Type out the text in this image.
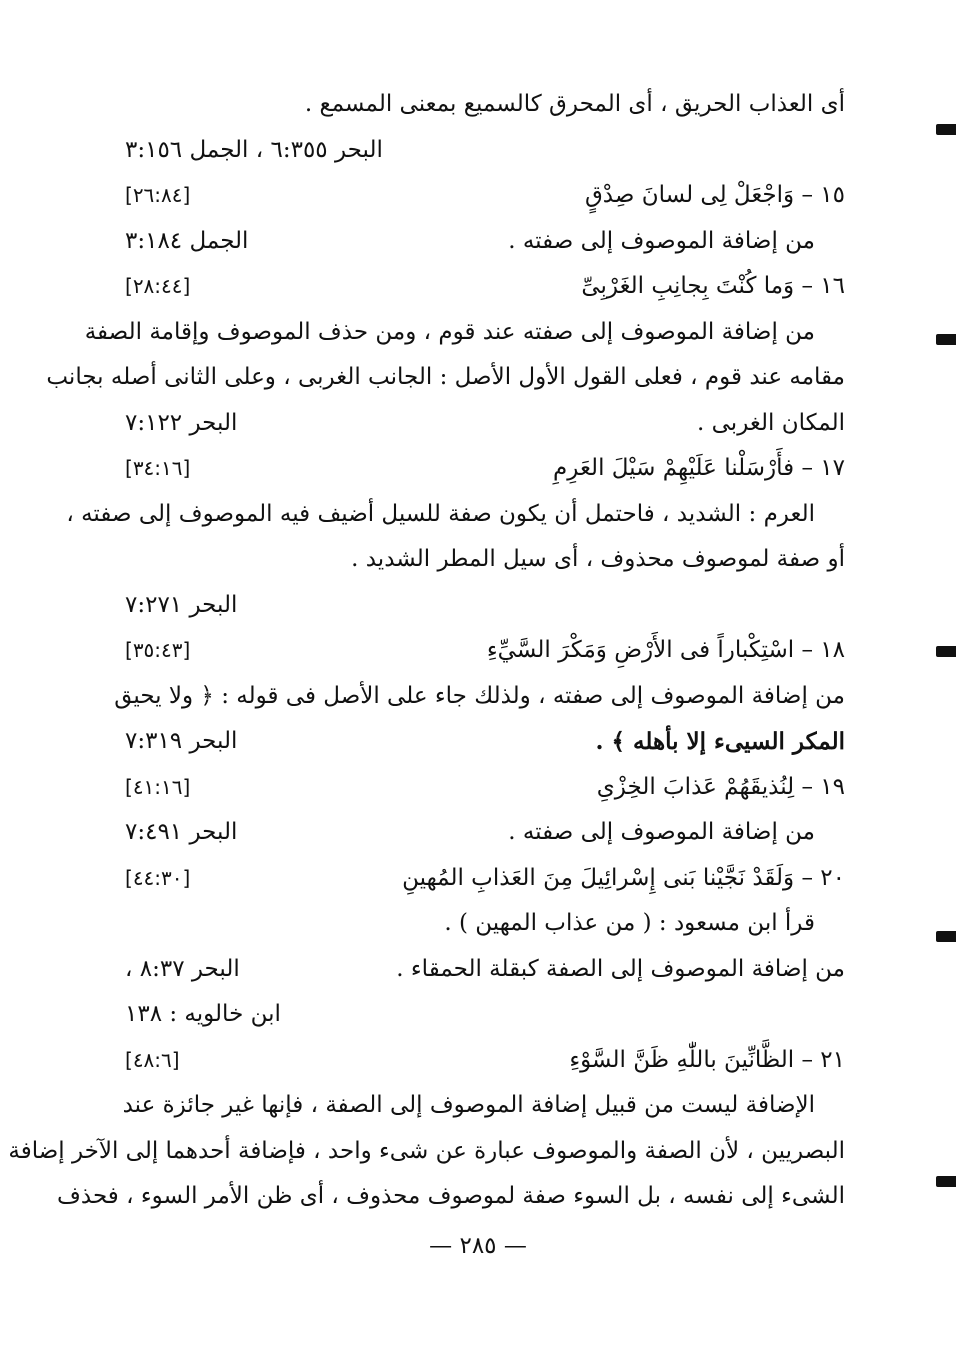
أى العذاب الحريق ، أى المحرق كالسميع بمعنى المسمع .
البحر ٦:٣٥٥ ، الجمل ٣:١٥٦
١٥ – وَاجْعَلْ لِى لسانَ صِدْقٍ
[٢٦:٨٤]
من إضافة الموصوف إلى صفته .
الجمل ٣:١٨٤
١٦ – وَما كُنْتَ بِجانِبِ الغَرْبِىِّ
[٢٨:٤٤]
من إضافة الموصوف إلى صفته عند قوم ، ومن حذف الموصوف وإقامة الصفة
مقامه عند قوم ، فعلى القول الأول الأصل : الجانب الغربى ، وعلى الثانى أصله بجانب
المكان الغربى .
البحر ٧:١٢٢
١٧ – فأَرْسَلْنا عَلَيْهِمْ سَيْلَ العَرِمِ
[٣٤:١٦]
العرم : الشديد ، فاحتمل أن يكون صفة للسيل أضيف فيه الموصوف إلى صفته ،
أو صفة لموصوف محذوف ، أى سيل المطر الشديد .
البحر ٧:٢٧١
١٨ – اسْتِكْباراً فى الأَرْضِ وَمَكْرَ السَّيِّءِ
[٣٥:٤٣]
من إضافة الموصوف إلى صفته ، ولذلك جاء على الأصل فى قوله : ﴿ ولا يحيق
المكر السيىء إلا بأهله ﴾ .
البحر ٧:٣١٩
١٩ – لِنُذيقَهُمْ عَذابَ الخِزْىِ
[٤١:١٦]
من إضافة الموصوف إلى صفته .
البحر ٧:٤٩١
٢٠ – وَلَقَدْ نَجَّيْنا بَنى إِسْرائِيلَ مِنَ العَذابِ المُهينِ
[٤٤:٣٠]
قرأ ابن مسعود : ( من عذاب المهين ) .
من إضافة الموصوف إلى الصفة كبقلة الحمقاء .
البحر ٨:٣٧ ،
ابن خالويه : ١٣٨
٢١ – الظَّانِّينَ باللّٰهِ ظَنَّ السَّوْءِ
[٤٨:٦]
الإضافة ليست من قبيل إضافة الموصوف إلى الصفة ، فإنها غير جائزة عند
البصريين ، لأن الصفة والموصوف عبارة عن شىء واحد ، فإضافة أحدهما إلى الآخر إضافة
الشىء إلى نفسه ، بل السوء صفة لموصوف محذوف ، أى ظن الأمر السوء ، فحذف
— ٢٨٥ —
